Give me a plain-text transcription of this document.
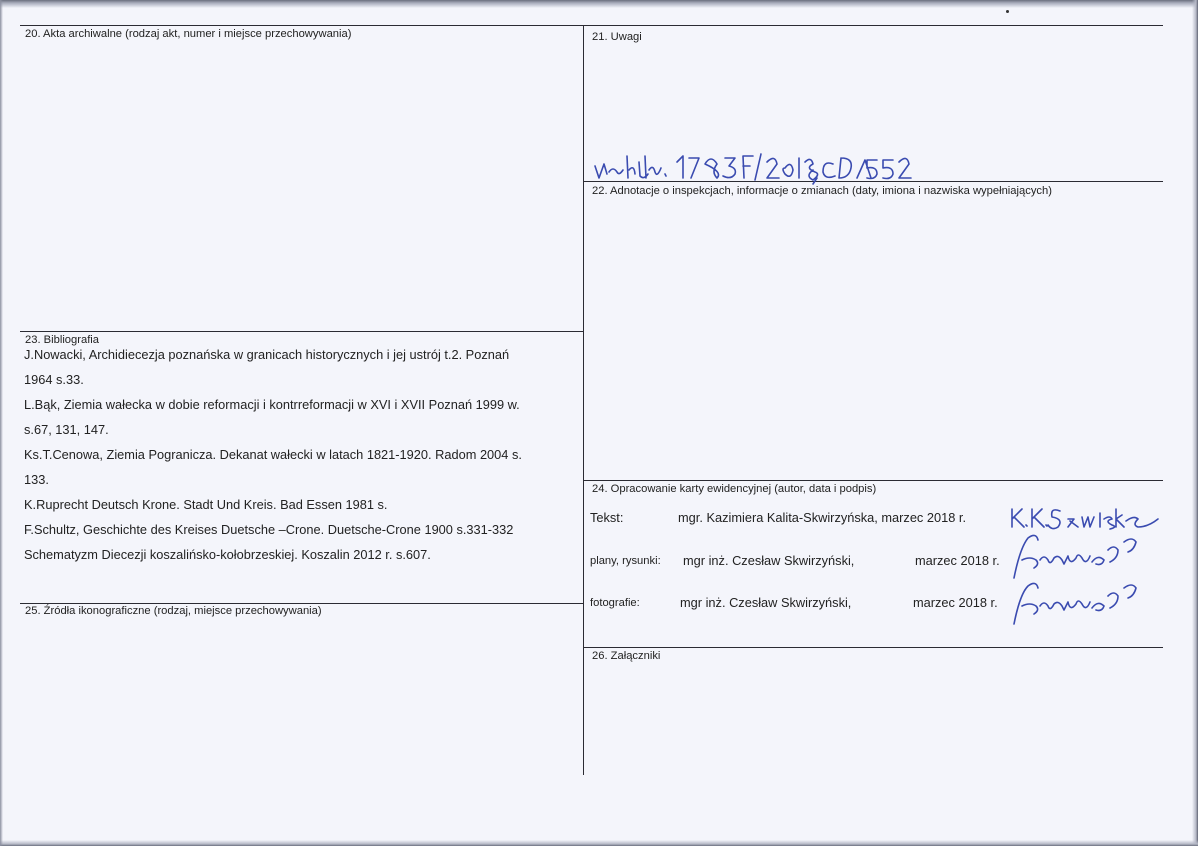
20. Akta archiwalne (rodzaj akt, numer i miejsce przechowywania)	21. Uwagi
22. Adnotacje o inspekcjach, informacje o zmianach (daty, imiona i nazwiska wypełniających)
23. Bibliografia
24. Opracowanie karty ewidencyjnej (autor, data i podpis)
25. Źródła ikonograficzne (rodzaj, miejsce przechowywania)
26. Załączniki
J.Nowacki, Archidiecezja poznańska w granicach historycznych i jej ustrój t.2. Poznań
1964 s.33.
L.Bąk, Ziemia wałecka w dobie reformacji i kontrreformacji w XVI i XVII Poznań 1999 w.
s.67, 131, 147.
Ks.T.Cenowa, Ziemia Pogranicza. Dekanat wałecki w latach 1821-1920. Radom 2004 s.
133.
K.Ruprecht Deutsch Krone. Stadt Und Kreis. Bad Essen 1981 s.
F.Schultz, Geschichte des Kreises Duetsche –Crone. Duetsche-Crone 1900 s.331-332
Schematyzm Diecezji koszalińsko-kołobrzeskiej. Koszalin 2012 r. s.607.
Tekst:	mgr. Kazimiera Kalita-Skwirzyńska, marzec 2018 r.
plany, rysunki: mgr inż. Czesław Skwirzyński,	marzec 2018 r.
fotografie:	mgr inż. Czesław Skwirzyński,	marzec 2018 r.
